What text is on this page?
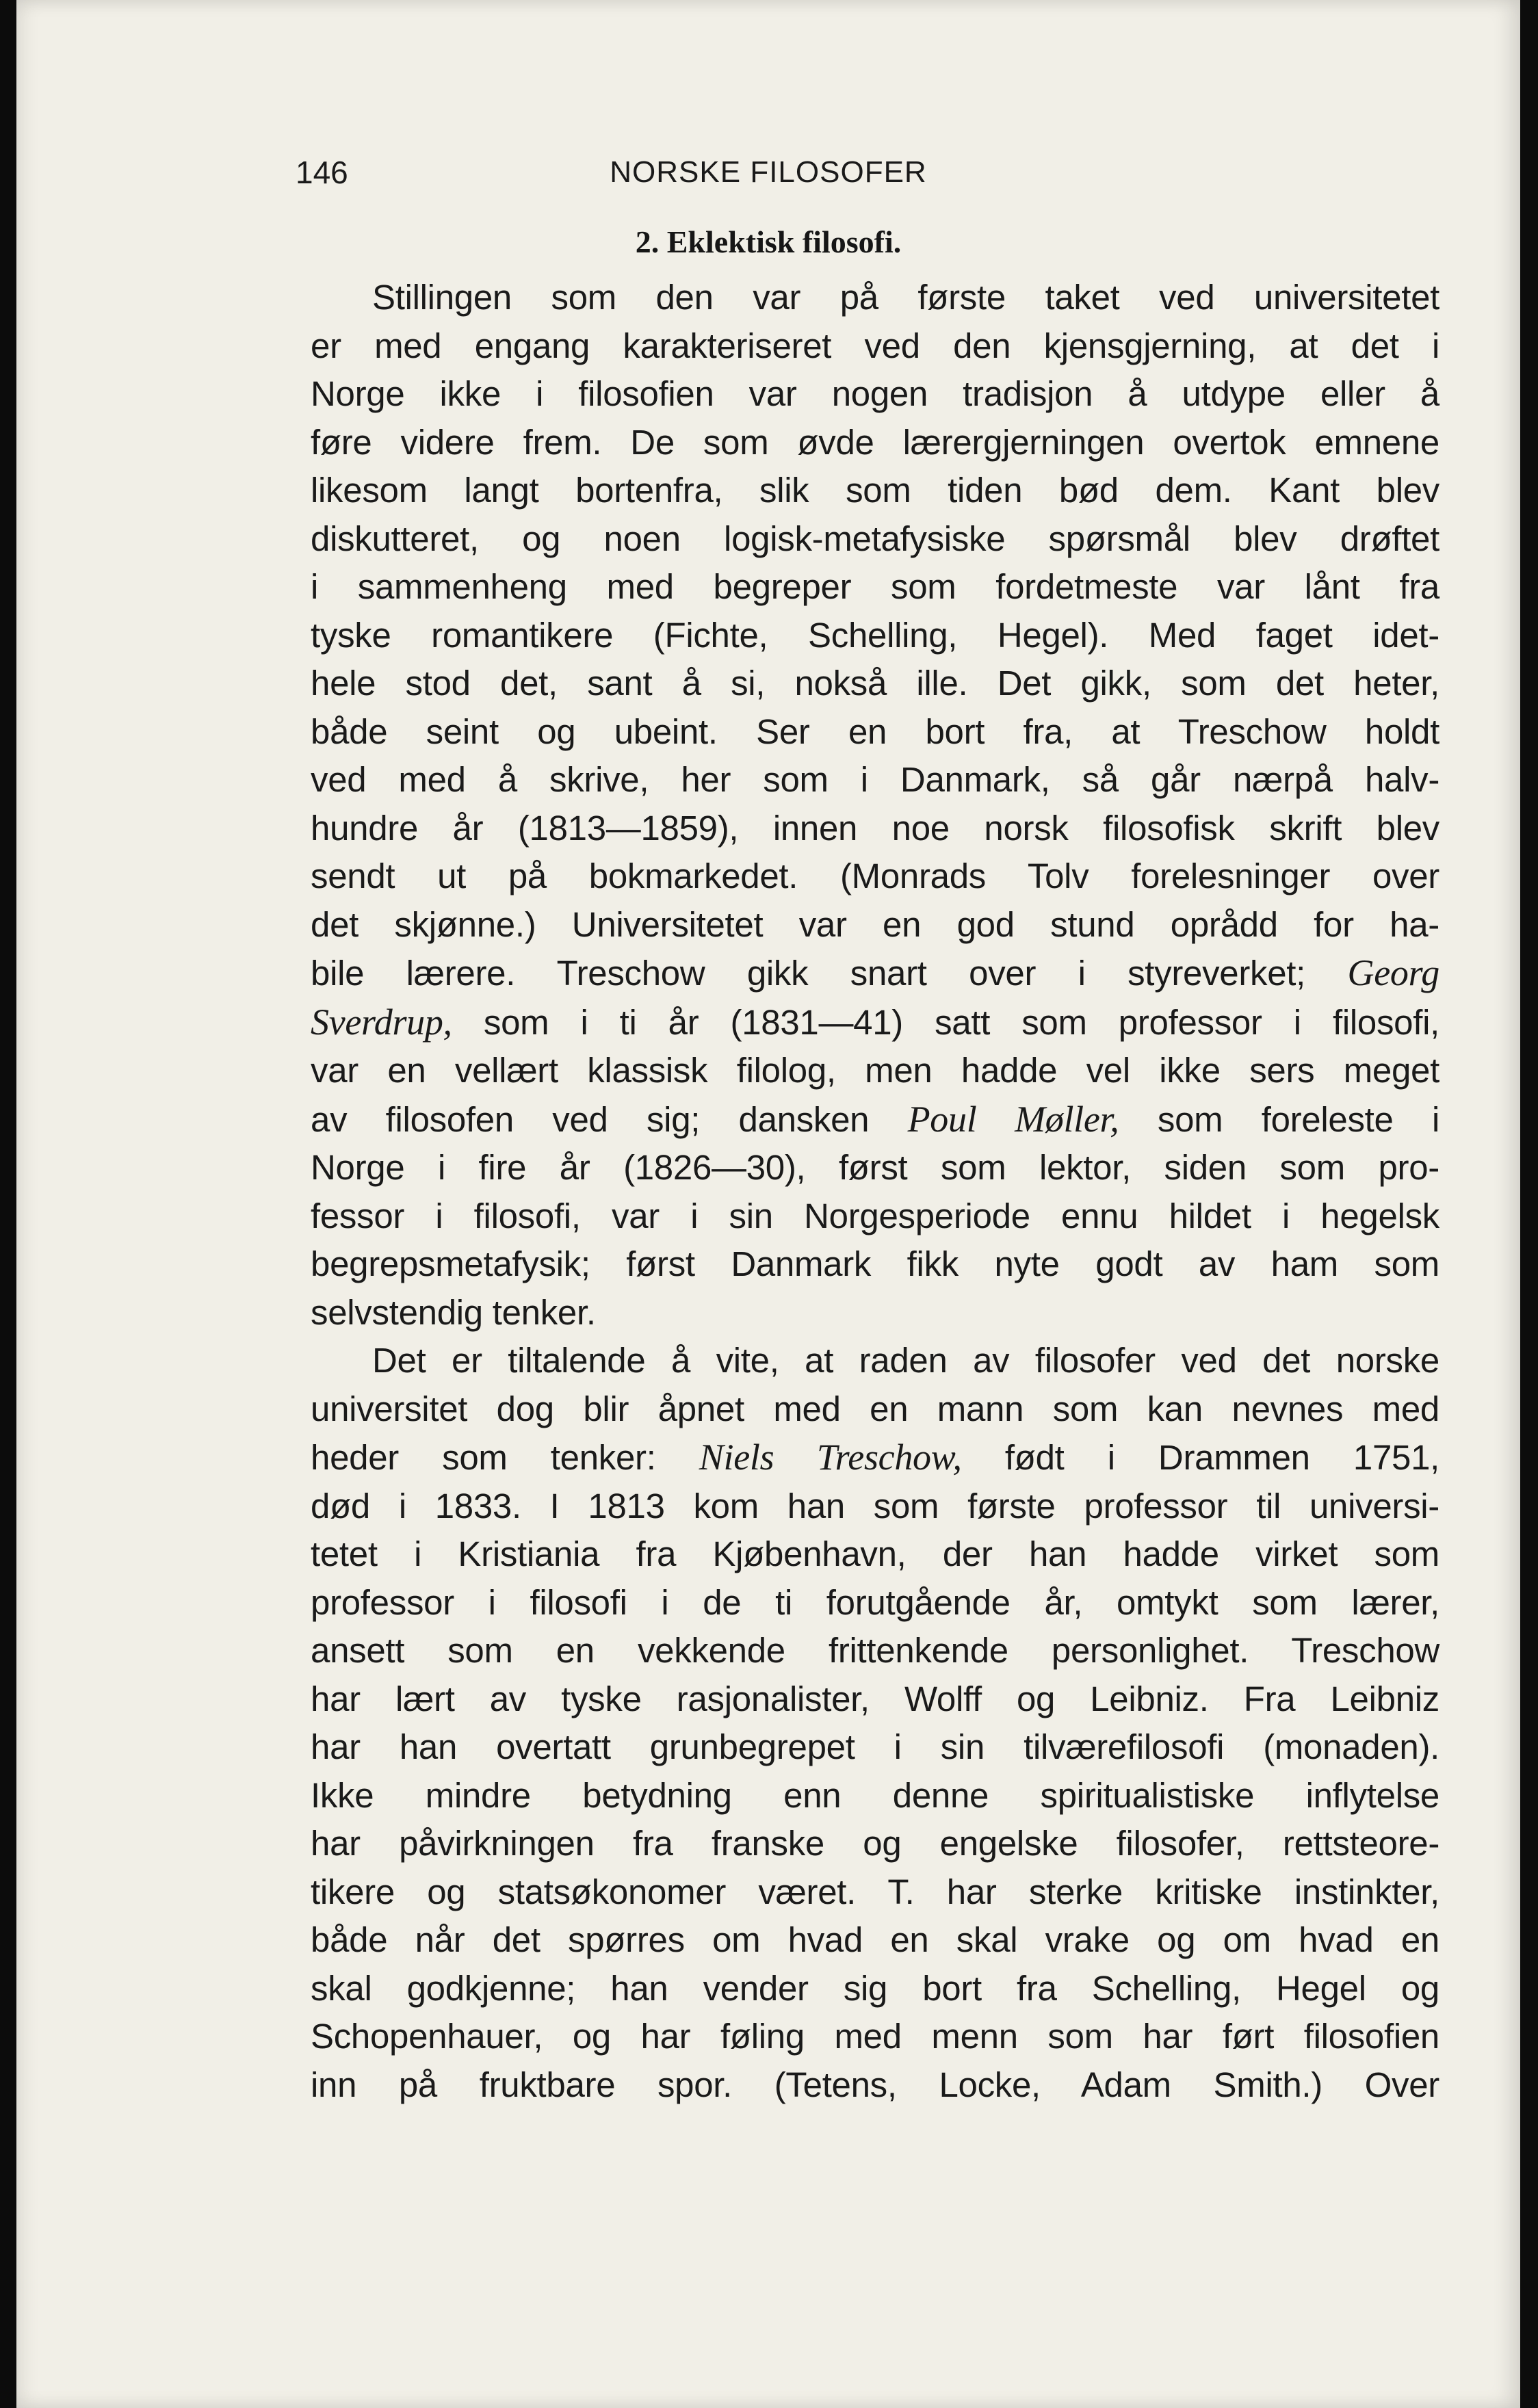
146	NORSKE FILOSOFER
2. Eklektisk filosofi.
Stillingen som den var på første taket ved universitetet
er med engang karakteriseret ved den kjensgjerning, at det i
Norge ikke i filosofien var nogen tradisjon å utdype eller å
føre videre frem. De som øvde lærergjerningen overtok emnene
likesom langt bortenfra, slik som tiden bød dem. Kant blev
diskutteret, og noen logisk-metafysiske spørsmål blev drøftet
i sammenheng med begreper som fordetmeste var lånt fra
tyske romantikere (Fichte, Schelling, Hegel). Med faget idet-
hele stod det, sant å si, nokså ille. Det gikk, som det heter,
både seint og ubeint. Ser en bort fra, at Treschow holdt
ved med å skrive, her som i Danmark, så går nærpå halv-
hundre år (1813—1859), innen noe norsk filosofisk skrift blev
sendt ut på bokmarkedet. (Monrads Tolv forelesninger over
det skjønne.) Universitetet var en god stund oprådd for ha-
bile lærere. Treschow gikk snart over i styreverket; Georg
Sverdrup, som i ti år (1831—41) satt som professor i filosofi,
var en vellært klassisk filolog, men hadde vel ikke sers meget
av filosofen ved sig; dansken Poul Møller, som foreleste i
Norge i fire år (1826—30), først som lektor, siden som pro-
fessor i filosofi, var i sin Norgesperiode ennu hildet i hegelsk
begrepsmetafysik; først Danmark fikk nyte godt av ham som
selvstendig tenker.
Det er tiltalende å vite, at raden av filosofer ved det norske
universitet dog blir åpnet med en mann som kan nevnes med
heder som tenker: Niels Treschow, født i Drammen 1751,
død i 1833. I 1813 kom han som første professor til universi-
tetet i Kristiania fra Kjøbenhavn, der han hadde virket som
professor i filosofi i de ti forutgående år, omtykt som lærer,
ansett som en vekkende frittenkende personlighet. Treschow
har lært av tyske rasjonalister, Wolff og Leibniz. Fra Leibniz
har han overtatt grunbegrepet i sin tilværefilosofi (monaden).
Ikke mindre betydning enn denne spiritualistiske inflytelse
har påvirkningen fra franske og engelske filosofer, rettsteore-
tikere og statsøkonomer været. T. har sterke kritiske instinkter,
både når det spørres om hvad en skal vrake og om hvad en
skal godkjenne; han vender sig bort fra Schelling, Hegel og
Schopenhauer, og har føling med menn som har ført filosofien
inn på fruktbare spor. (Tetens, Locke, Adam Smith.) Over
